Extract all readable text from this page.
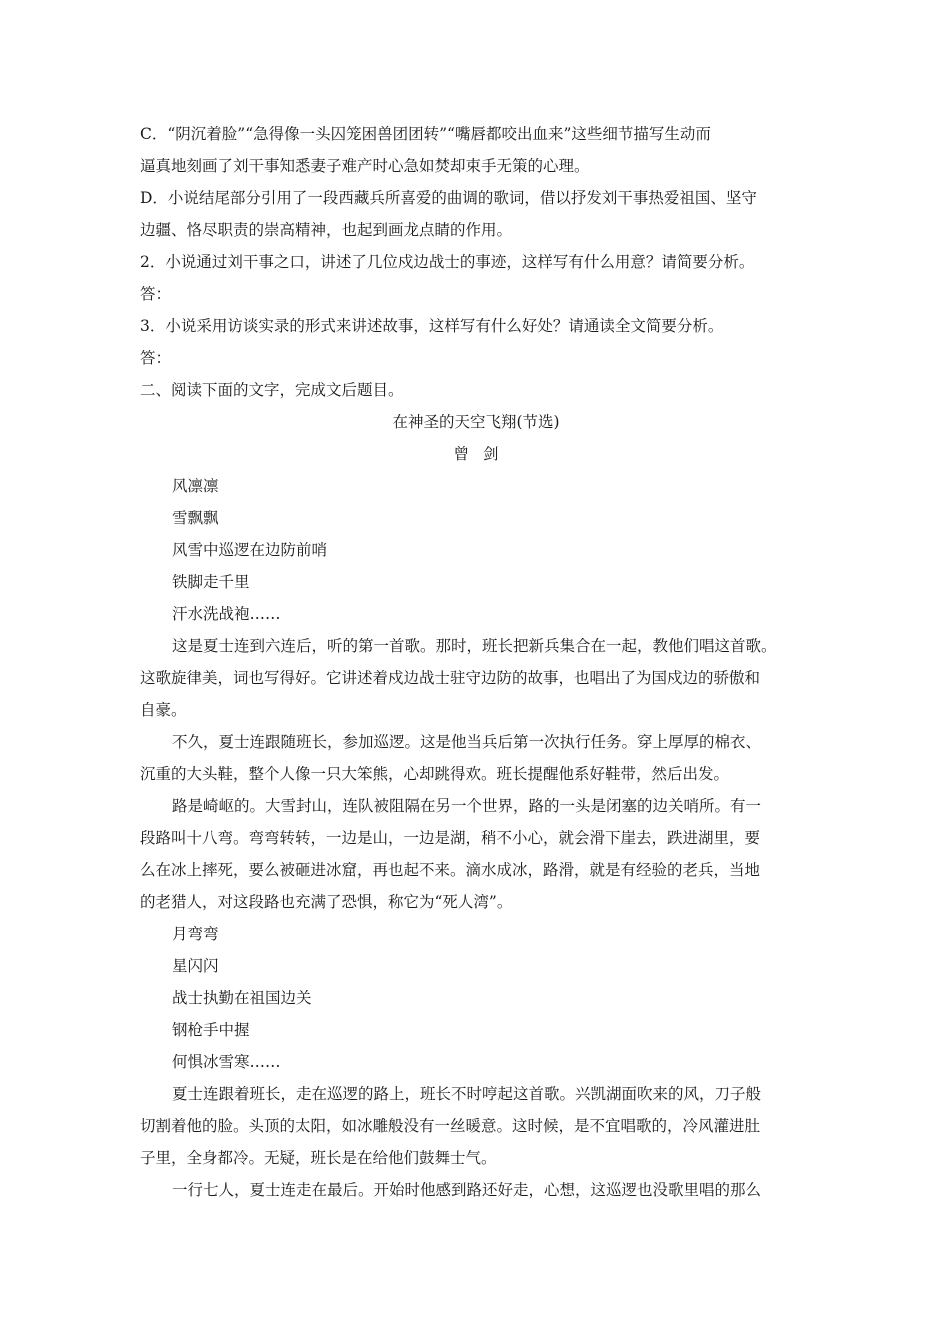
C．“阴沉着脸”“急得像一头囚笼困兽团团转”“嘴唇都咬出血来”这些细节描写生动而

逼真地刻画了刘干事知悉妻子难产时心急如焚却束手无策的心理。

D．小说结尾部分引用了一段西藏兵所喜爱的曲调的歌词，借以抒发刘干事热爱祖国、坚守

边疆、恪尽职责的崇高精神，也起到画龙点睛的作用。

2．小说通过刘干事之口，讲述了几位戍边战士的事迹，这样写有什么用意？请简要分析。

答：

3．小说采用访谈实录的形式来讲述故事，这样写有什么好处？请通读全文简要分析。

答：

二、阅读下面的文字，完成文后题目。

在神圣的天空飞翔(节选)

曾剑

风凛凛

雪飘飘

风雪中巡逻在边防前哨

铁脚走千里

汗水洗战袍……

这是夏士连到六连后，听的第一首歌。那时，班长把新兵集合在一起，教他们唱这首歌。

这歌旋律美，词也写得好。它讲述着戍边战士驻守边防的故事，也唱出了为国戍边的骄傲和

自豪。

不久，夏士连跟随班长，参加巡逻。这是他当兵后第一次执行任务。穿上厚厚的棉衣、

沉重的大头鞋，整个人像一只大笨熊，心却跳得欢。班长提醒他系好鞋带，然后出发。

路是崎岖的。大雪封山，连队被阻隔在另一个世界，路的一头是闭塞的边关哨所。有一

段路叫十八弯。弯弯转转，一边是山，一边是湖，稍不小心，就会滑下崖去，跌进湖里，要

么在冰上摔死，要么被砸进冰窟，再也起不来。滴水成冰，路滑，就是有经验的老兵，当地

的老猎人，对这段路也充满了恐惧，称它为“死人湾”。

月弯弯

星闪闪

战士执勤在祖国边关

钢枪手中握

何惧冰雪寒……

夏士连跟着班长，走在巡逻的路上，班长不时哼起这首歌。兴凯湖面吹来的风，刀子般

切割着他的脸。头顶的太阳，如冰雕般没有一丝暖意。这时候，是不宜唱歌的，冷风灌进肚

子里，全身都冷。无疑，班长是在给他们鼓舞士气。

一行七人，夏士连走在最后。开始时他感到路还好走，心想，这巡逻也没歌里唱的那么
